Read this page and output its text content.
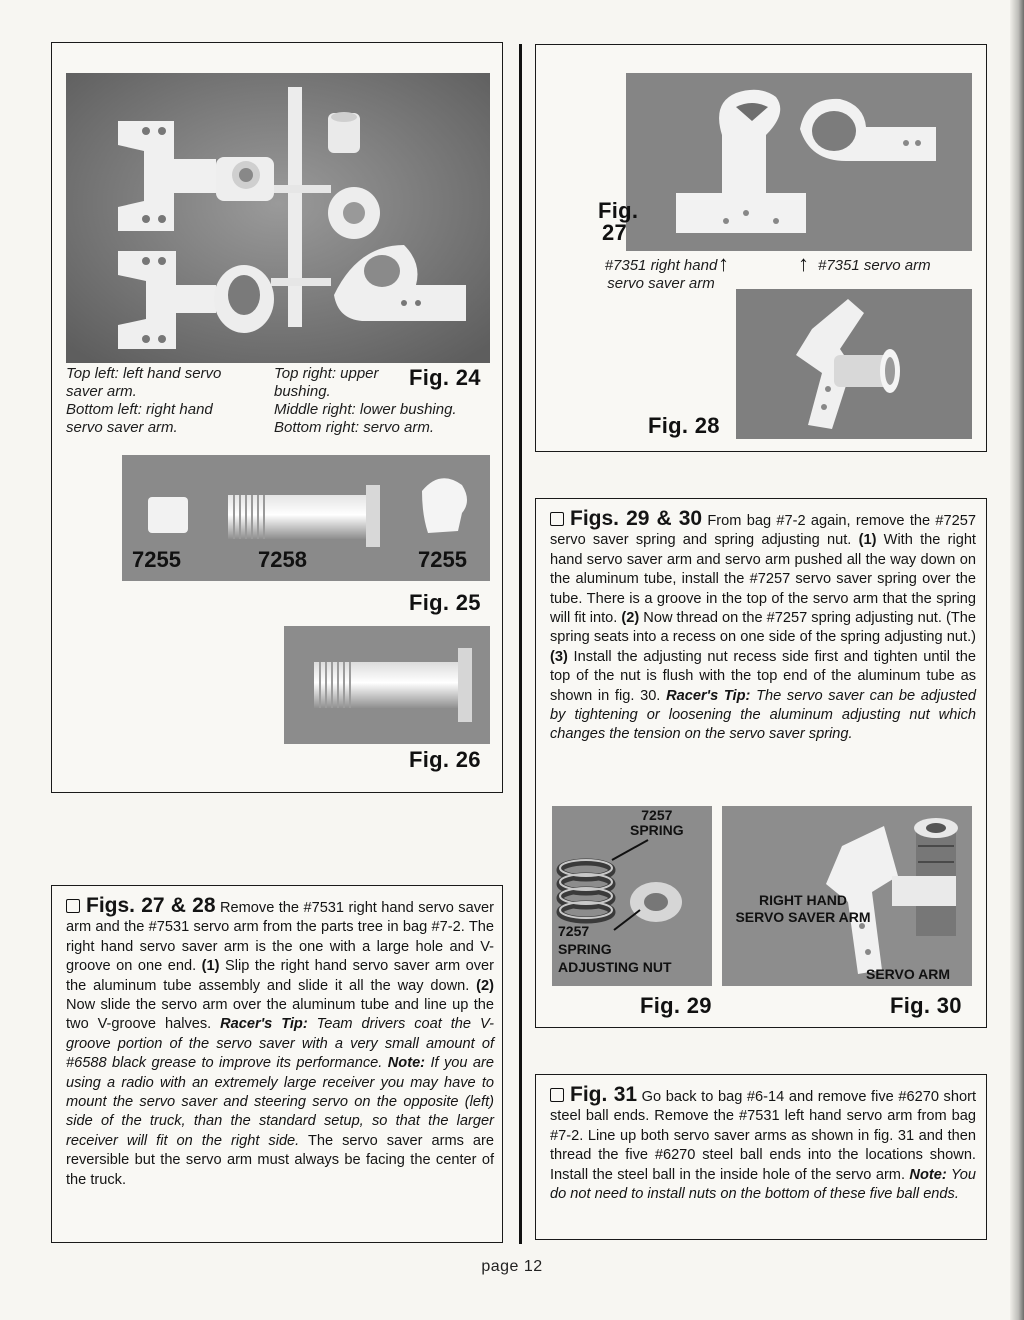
Top left: left hand servo
saver arm.
Bottom left: right hand
servo saver arm.
Top right: upper
bushing.
Middle right: lower bushing.
Bottom right: servo arm.
Fig. 24
7255	7258	7255
Fig. 25
Fig. 26
Figs. 27 & 28 Remove the #7531 right hand servo saver arm and the #7531 servo arm from the parts tree in bag #7-2. The right hand servo saver arm is the one with a large hole and V-groove on one end. (1) Slip the right hand servo saver arm over the aluminum tube assembly and slide it all the way down. (2) Now slide the servo arm over the aluminum tube and line up the two V-groove halves. Racer's Tip: Team drivers coat the V-groove portion of the servo saver with a very small amount of #6588 black grease to improve its performance. Note: If you are using a radio with an extremely large receiver you may have to mount the servo saver and steering servo on the opposite (left) side of the truck, than the standard setup, so that the larger receiver will fit on the right side. The servo saver arms are reversible but the servo arm must always be facing the center of the truck.
Fig.
27
#7351 right hand
servo saver arm
↑	↑ #7351 servo arm
Fig. 28
Figs. 29 & 30 From bag #7-2 again, remove the #7257 servo saver spring and spring adjusting nut. (1) With the right hand servo saver arm and servo arm pushed all the way down on the aluminum tube, install the #7257 servo saver spring over the tube. There is a groove in the top of the servo arm that the spring will fit into. (2) Now thread on the #7257 spring adjusting nut. (The spring seats into a recess on one side of the spring adjusting nut.) (3) Install the adjusting nut recess side first and tighten until the top of the nut is flush with the top end of the aluminum tube as shown in fig. 30. Racer's Tip: The servo saver can be adjusted by tightening or loosening the aluminum adjusting nut which changes the tension on the servo saver spring.
7257
SPRING
7257
SPRING
ADJUSTING NUT
Fig. 29
RIGHT HAND
SERVO SAVER ARM
SERVO ARM
Fig. 30
Fig. 31 Go back to bag #6-14 and remove five #6270 short steel ball ends. Remove the #7531 left hand servo arm from bag #7-2. Line up both servo saver arms as shown in fig. 31 and then thread the five #6270 steel ball ends into the locations shown. Install the steel ball in the inside hole of the servo arm. Note: You do not need to install nuts on the bottom of these five ball ends.
page 12
